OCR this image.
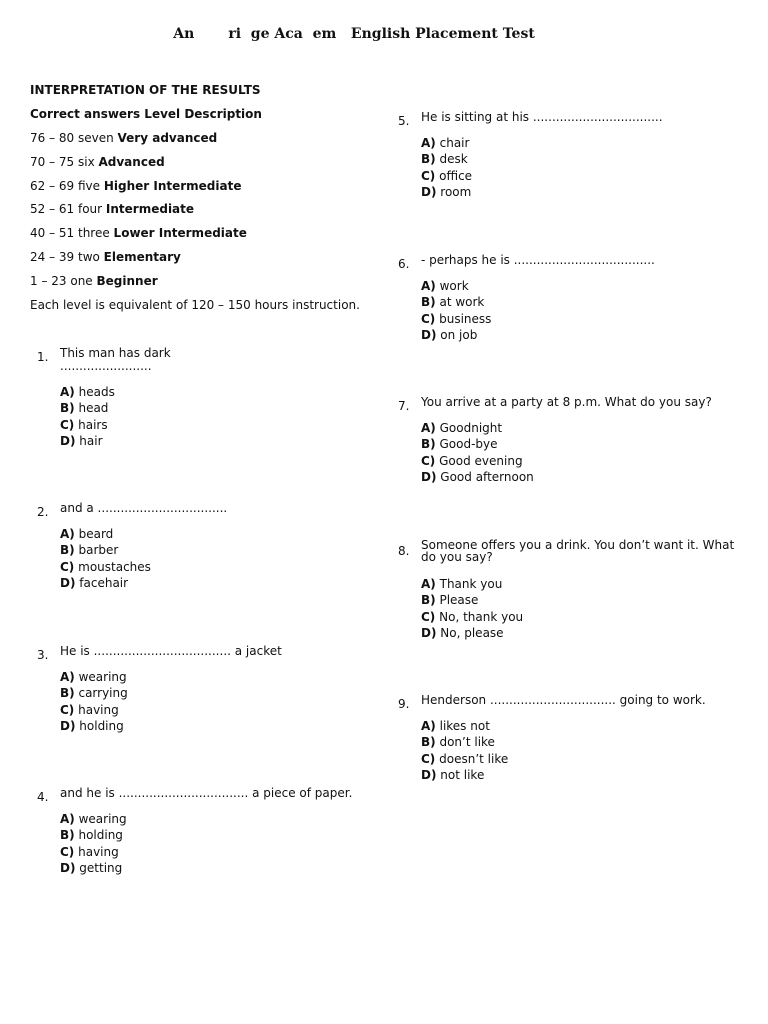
An       ri  ge Aca  em   English Placement Test

INTERPRETATION OF THE RESULTS

Correct answers Level Description

76 – 80 seven Very advanced

70 – 75 six Advanced

62 – 69 five Higher Intermediate

52 – 61 four Intermediate

40 – 51 three Lower Intermediate

24 – 39 two Elementary

1 – 23 one Beginner

Each level is equivalent of 120 – 150 hours instruction.

1. This man has dark
........................
A) heads
B) head
C) hairs
D) hair
2. and a ..................................
A) beard
B) barber
C) moustaches
D) facehair
3. He is .................................... a jacket
A) wearing
B) carrying
C) having
D) holding
4. and he is .................................. a piece of paper.
A) wearing
B) holding
C) having
D) getting
5. He is sitting at his ..................................
A) chair
B) desk
C) office
D) room
6. - perhaps he is .....................................
A) work
B) at work
C) business
D) on job
7. You arrive at a party at 8 p.m. What do you say?
A) Goodnight
B) Good-bye
C) Good evening
D) Good afternoon
8. Someone offers you a drink. You don’t want it. What
do you say?
A) Thank you
B) Please
C) No, thank you
D) No, please
9. Henderson ................................. going to work.
A) likes not
B) don’t like
C) doesn’t like
D) not like
